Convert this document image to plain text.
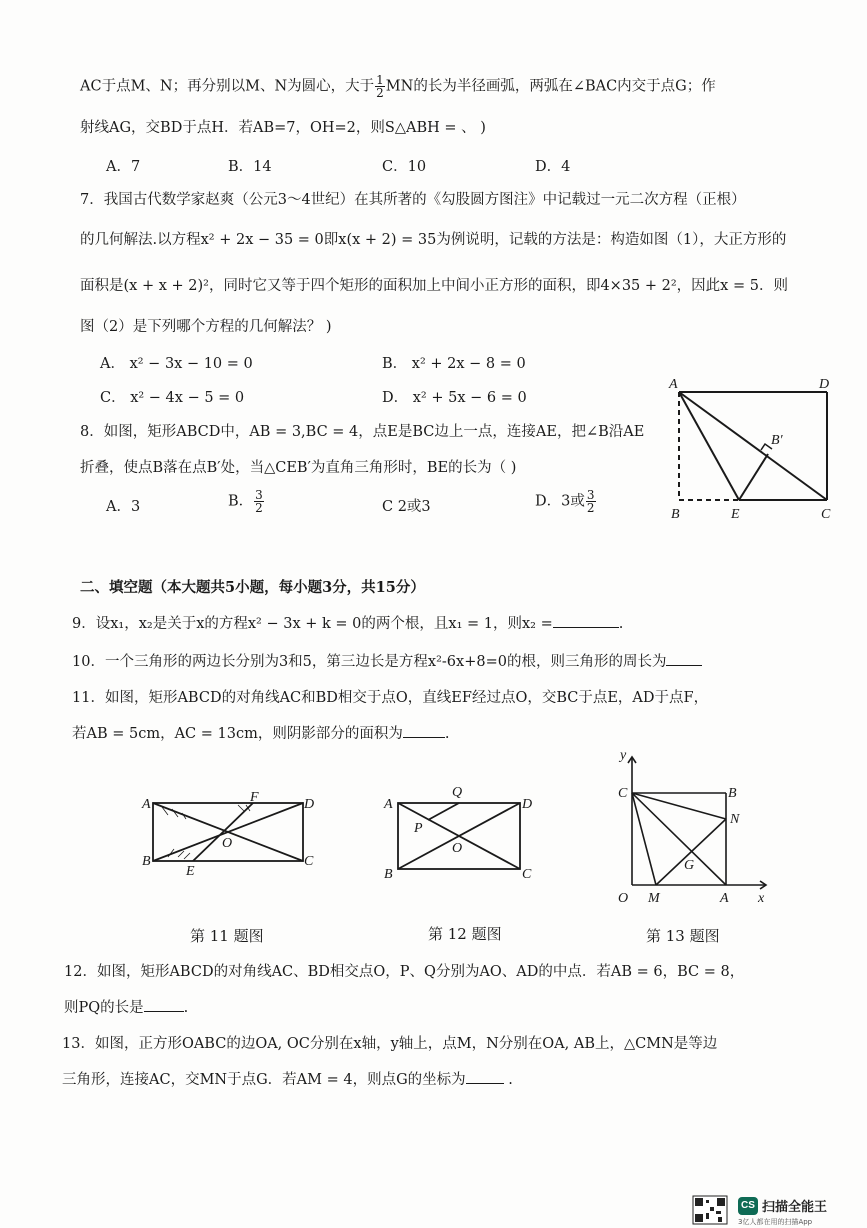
AC于点M、N；再分别以M、N为圆心，大于 $\frac{1}{2}$ MN的长为半径画弧，两弧在∠BAC内交于点G；作
射线AG，交BD于点H．若AB=7，OH=2，则S△ABH = 、 )
A．7	B．14	C．10	D．4
7．我国古代数学家赵爽（公元3～4世纪）在其所著的《勾股圆方图注》中记载过一元二次方程（正根）
的几何解法.以方程x² + 2x − 35 = 0即x(x + 2) = 35为例说明，记载的方法是：构造如图（1），大正方形的
面积是(x + x + 2)²，同时它又等于四个矩形的面积加上中间小正方形的面积，即4×35 + 2²，因此x = 5．则
图（2）是下列哪个方程的几何解法？ )
A． x² − 3x − 10 = 0	B． x² + 2x − 8 = 0
C． x² − 4x − 5 = 0	D． x² + 5x − 6 = 0
8．如图，矩形ABCD中，AB = 3,BC = 4，点E是BC边上一点，连接AE，把∠B沿AE
折叠，使点B落在点B′处，当△CEB′为直角三角形时，BE的长为（ )
A．3	B． $\frac{3}{2}$	C 2或3	D．3或 $\frac{3}{2}$
A	D
B′
B	E	C
二、填空题（本大题共5小题，每小题3分，共15分）
9．设x₁，x₂是关于x的方程x² − 3x + k = 0的两个根，且x₁ = 1，则x₂ =	.
10．一个三角形的两边长分别为3和5，第三边长是方程x²-6x+8=0的根，则三角形的周长为
11．如图，矩形ABCD的对角线AC和BD相交于点O，直线EF经过点O，交BC于点E，AD于点F，
若AB = 5cm，AC = 13cm，则阴影部分的面积为	.
A	F	D
O
B
E
C
A
Q
D
P
O
B	C
y
C	B
N
G
O M	A x
第 11 题图	第 12 题图	第 13 题图
12．如图，矩形ABCD的对角线AC、BD相交点O，P、Q分别为AO、AD的中点．若AB = 6，BC = 8，
则PQ的长是	.
13．如图，正方形OABC的边OA, OC分别在x轴，y轴上，点M，N分别在OA, AB上，△CMN是等边
三角形，连接AC，交MN于点G．若AM = 4，则点G的坐标为	.
CS 扫描全能王
3亿人都在用的扫描App
